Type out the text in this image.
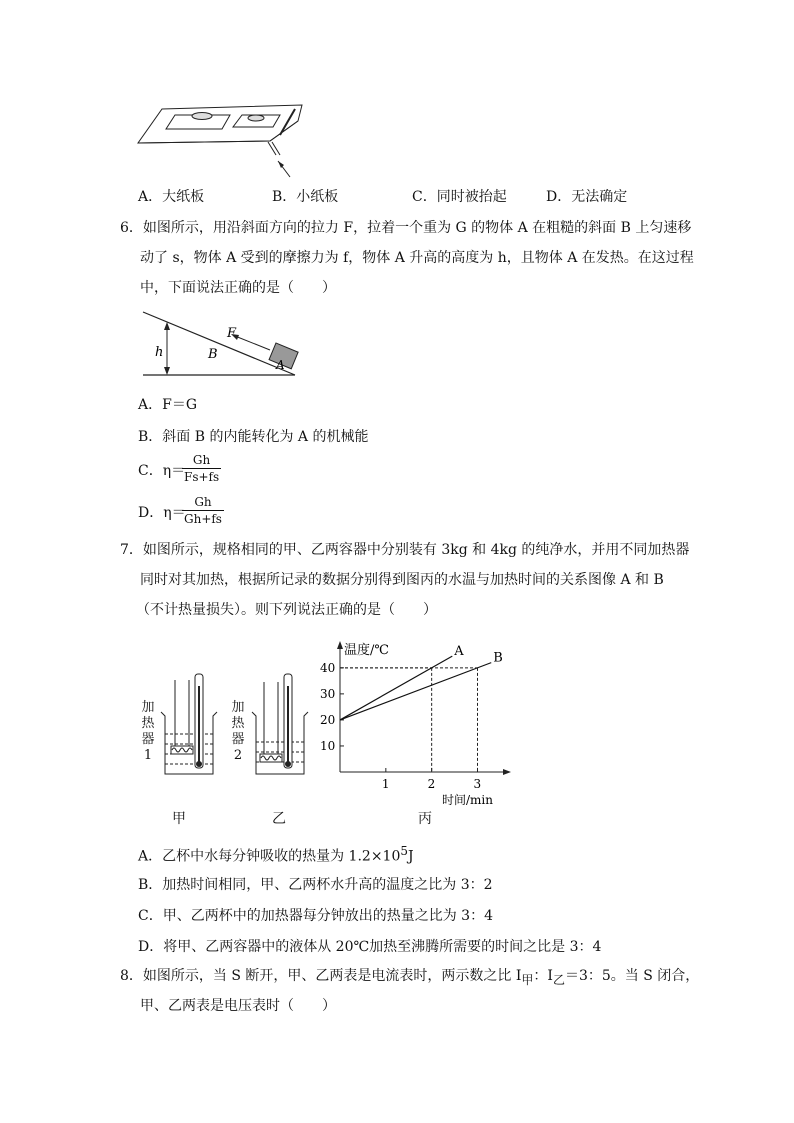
A．大纸板	B．小纸板	C．同时被抬起	D．无法确定
6．如图所示，用沿斜面方向的拉力 F，拉着一个重为 G 的物体 A 在粗糙的斜面 B 上匀速移
动了 s，物体 A 受到的摩擦力为 f，物体 A 升高的高度为 h，且物体 A 在发热。在这过程
中，下面说法正确的是（　　）
h
F
B
A
A．F＝G
B．斜面 B 的内能转化为 A 的机械能
C．η＝
Gh
Fs+fs
D．η＝
Gh
Gh+fs
7．如图所示，规格相同的甲、乙两容器中分别装有 3kg 和 4kg 的纯净水，并用不同加热器
同时对其加热，根据所记录的数据分别得到图丙的水温与加热时间的关系图像 A 和 B
（不计热量损失）。则下列说法正确的是（　　）
加
热
器
1
加
热
器
2
甲	乙	丙
温度/℃
时间/min
10
20
30
40
1	2	3
A B
A．乙杯中水每分钟吸收的热量为 $1.2\times 10^5J$
B．加热时间相同，甲、乙两杯水升高的温度之比为 3：2
C．甲、乙两杯中的加热器每分钟放出的热量之比为 3：4
D．将甲、乙两容器中的液体从 20℃加热至沸腾所需要的时间之比是 3：4
8．如图所示，当 S 断开，甲、乙两表是电流表时，两示数之比 $I_甲$：$I_乙=3$：5。当 S 闭合，
甲、乙两表是电压表时（　　）
